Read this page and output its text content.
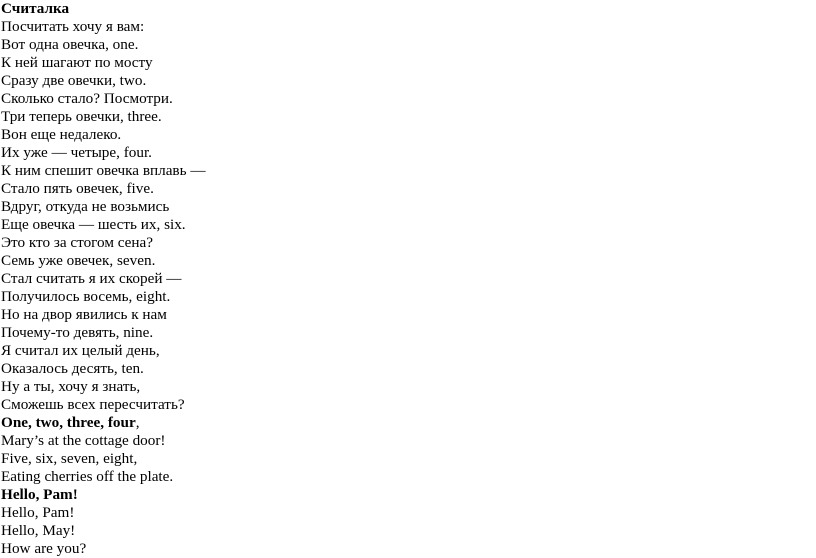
Считалка
Посчитать хочу я вам:
Вот одна овечка, one.
К ней шагают по мосту
Сразу две овечки, two.
Сколько стало? Посмотри.
Три теперь овечки, three.
Вон еще недалеко.
Их уже — четыре, four.
К ним спешит овечка вплавь —
Стало пять овечек, five.
Вдруг, откуда не возьмись
Еще овечка — шесть их, six.
Это кто за стогом сена?
Семь уже овечек, seven.
Стал считать я их скорей —
Получилось восемь, eight.
Но на двор явились к нам
Почему-то девять, nine.
Я считал их целый день,
Оказалось десять, ten.
Ну а ты, хочу я знать,
Сможешь всех пересчитать?
One, two, three, four,
Mary’s at the cottage door!
Five, six, seven, eight,
Eating cherries off the plate.
Hello, Pam!
Hello, Pam!
Hello, May!
How are you?
